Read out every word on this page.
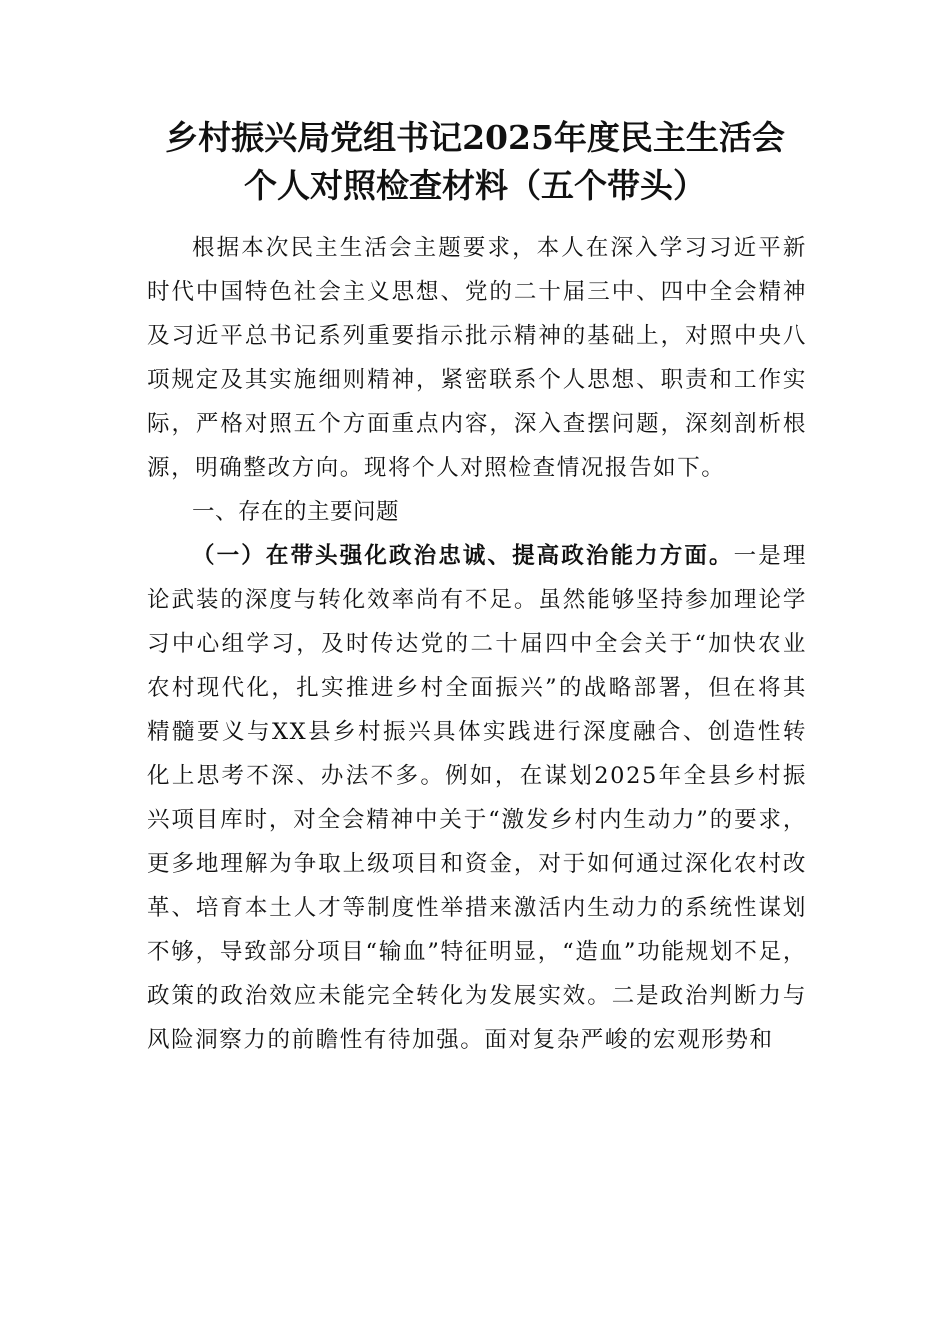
乡村振兴局党组书记2025年度民主生活会
个人对照检查材料（五个带头）

根据本次民主生活会主题要求，本人在深入学习习近平新时代中国特色社会主义思想、党的二十届三中、四中全会精神及习近平总书记系列重要指示批示精神的基础上，对照中央八项规定及其实施细则精神，紧密联系个人思想、职责和工作实际，严格对照五个方面重点内容，深入查摆问题，深刻剖析根源，明确整改方向。现将个人对照检查情况报告如下。

一、存在的主要问题

（一）在带头强化政治忠诚、提高政治能力方面。一是理论武装的深度与转化效率尚有不足。虽然能够坚持参加理论学习中心组学习，及时传达党的二十届四中全会关于“加快农业农村现代化，扎实推进乡村全面振兴”的战略部署，但在将其精髓要义与XX县乡村振兴具体实践进行深度融合、创造性转化上思考不深、办法不多。例如，在谋划2025年全县乡村振兴项目库时，对全会精神中关于“激发乡村内生动力”的要求，更多地理解为争取上级项目和资金，对于如何通过深化农村改革、培育本土人才等制度性举措来激活内生动力的系统性谋划不够，导致部分项目“输血”特征明显，“造血”功能规划不足，政策的政治效应未能完全转化为发展实效。二是政治判断力与风险洞察力的前瞻性有待加强。面对复杂严峻的宏观形势和
